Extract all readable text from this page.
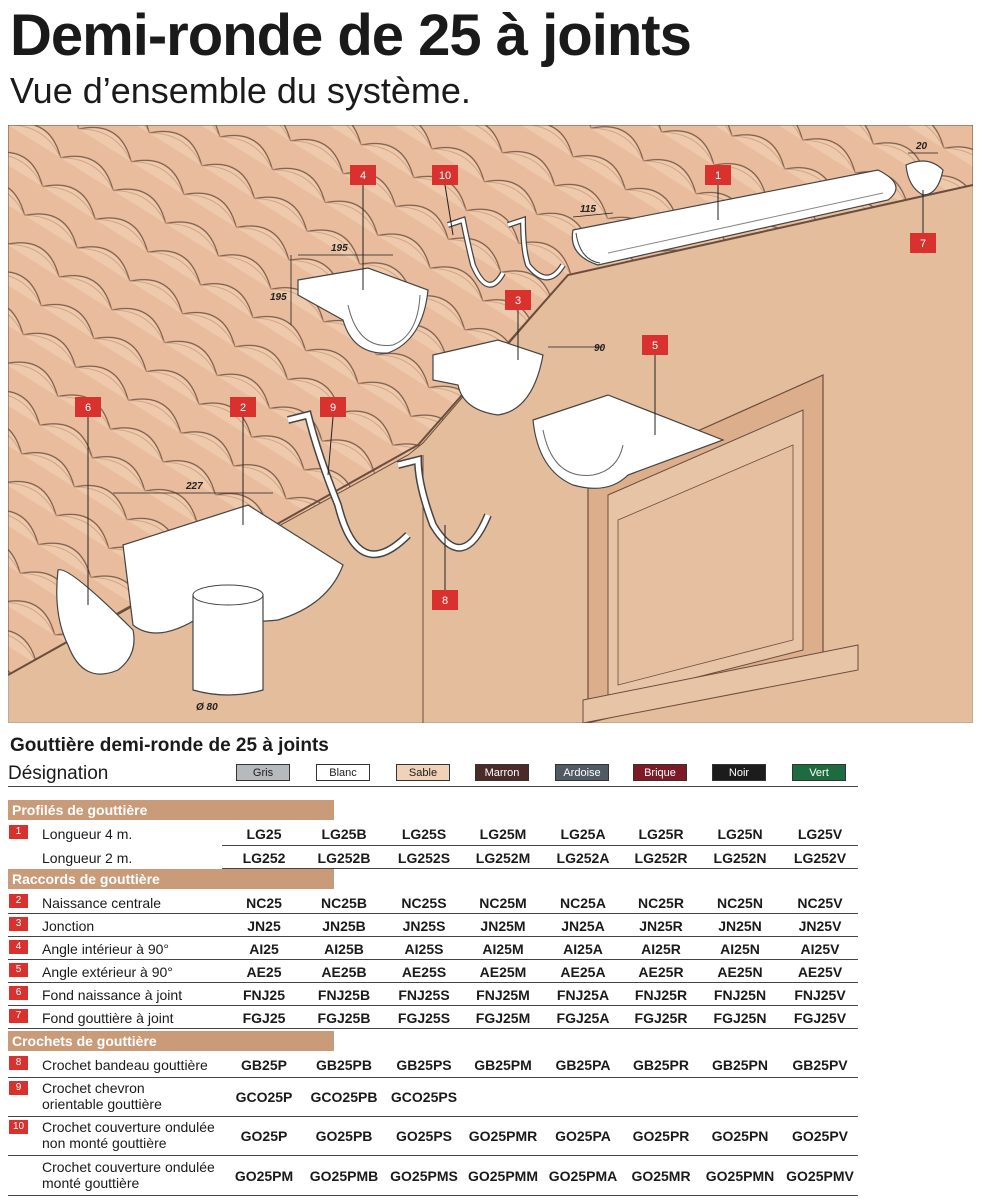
Demi-ronde de 25 à joints
Vue d’ensemble du système.
20
115
195
195
90
227
Ø 80
1
2
3
4
5
6
7
8
9
10
Gouttière demi-ronde de 25 à joints
Désignation	Gris	Blanc	Sable	Marron	Ardoise	Brique	Noir	Vert
Profilés de gouttière
Raccords de gouttière
Crochets de gouttière
1	Longueur 4 m.	LG25	LG25B	LG25S	LG25M	LG25A	LG25R	LG25N	LG25V
Longueur 2 m.	LG252	LG252B	LG252S	LG252M	LG252A	LG252R	LG252N	LG252V
2	Naissance centrale	NC25	NC25B	NC25S	NC25M	NC25A	NC25R	NC25N	NC25V
3	Jonction	JN25	JN25B	JN25S	JN25M	JN25A	JN25R	JN25N	JN25V
4	Angle intérieur à 90°	AI25	AI25B	AI25S	AI25M	AI25A	AI25R	AI25N	AI25V
5	Angle extérieur à 90°	AE25	AE25B	AE25S	AE25M	AE25A	AE25R	AE25N	AE25V
6	Fond naissance à joint	FNJ25	FNJ25B	FNJ25S	FNJ25M	FNJ25A	FNJ25R	FNJ25N	FNJ25V
7	Fond gouttière à joint	FGJ25	FGJ25B	FGJ25S	FGJ25M	FGJ25A	FGJ25R	FGJ25N	FGJ25V
8	Crochet bandeau gouttière	GB25P	GB25PB	GB25PS	GB25PM	GB25PA	GB25PR	GB25PN	GB25PV
9	Crochet chevron
orientable gouttière	GCO25P	GCO25PB GCO25PS
10 Crochet couverture ondulée
non monté gouttière	GO25P	GO25PB	GO25PS	GO25PMR	GO25PA	GO25PR	GO25PN	GO25PV
Crochet couverture ondulée
monté gouttière	GO25PM	GO25PMB GO25PMS GO25PMM GO25PMA	GO25MR	GO25PMN GO25PMV
